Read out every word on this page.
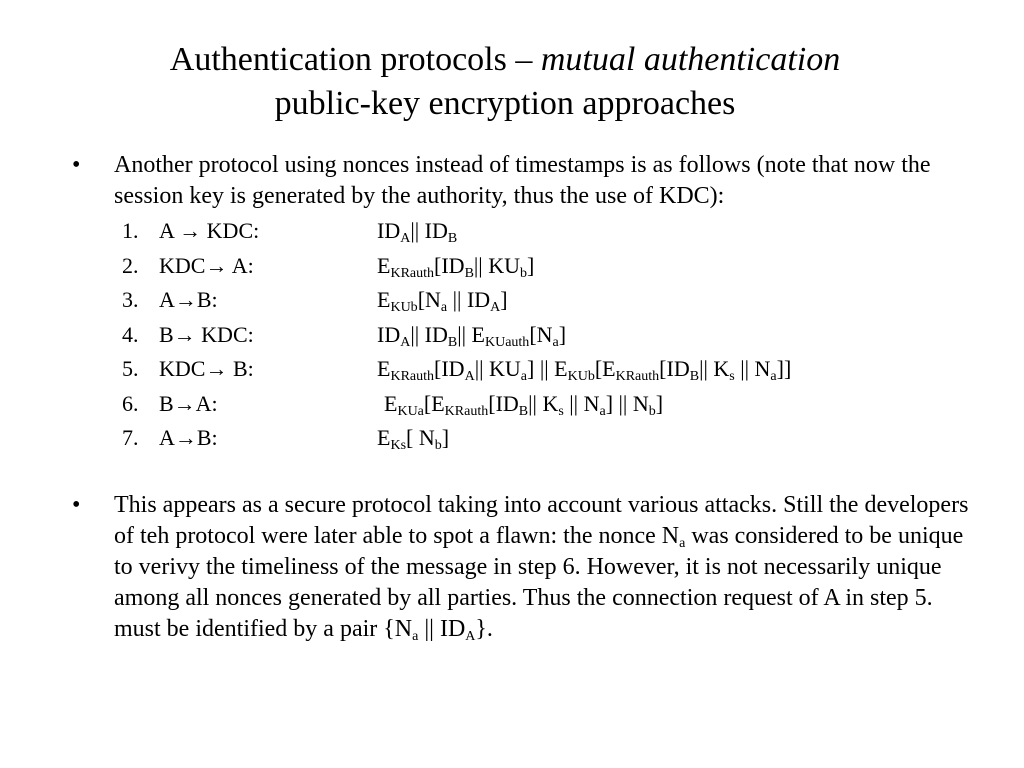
Authentication protocols – mutual authentication
public-key encryption approaches
• Another protocol using nonces instead of timestamps is as follows (note that now the session key is generated by the authority, thus the use of KDC):
1. A → KDC:	$ID_A||$ $ID_B$
2. KDC→ A:	$E_{KRauth}[ID_B||$ $KU_b$]
3. A→B:	$E_{KUb}[N_a$ || $ID_A$]
4. B→ KDC:	$ID_A||$ $ID_B||$ $E_{KUauth}[N_a]$
5. KDC→ B:	$E_{KRauth}[ID_A||$ $KU_a$] || $E_{KUb}[E_{KRauth}[ID_B||$ $K_s$ || $N_a$]]
6. B→A:	$E_{KUa}[E_{KRauth}[ID_B||$ $K_s$ || $N_a$] || $N_b$]
7. A→B:	$E_{Ks}$[ $N_b$]
• This appears as a secure protocol taking into account various attacks. Still the developers of teh protocol were later able to spot a flawn: the nonce $N_a$ was considered to be unique to verivy the timeliness of the message in step 6. However, it is not necessarily unique among all nonces generated by all parties. Thus the connection request of A in step 5. must be identified by a pair {$N_a$ || $ID_A$}.
